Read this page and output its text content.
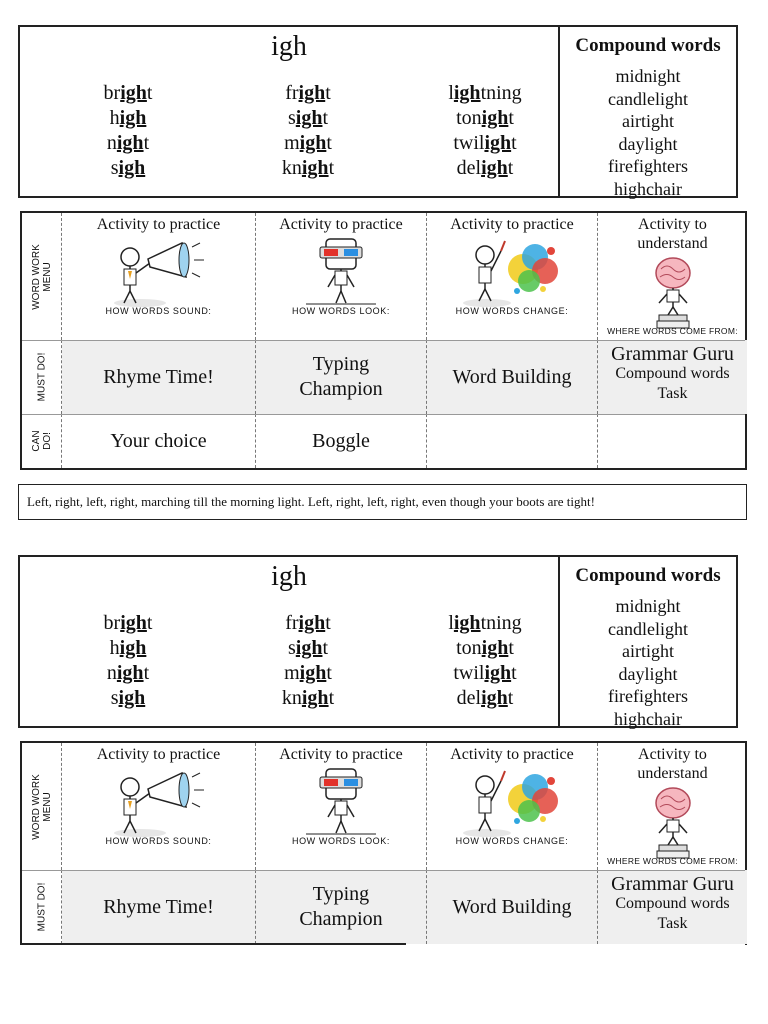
igh
bright
high
night
sigh
fright
sight
might
knight
lightning
tonight
twilight
delight
Compound words
midnight
candlelight
airtight
daylight
firefighters
highchair
WORD WORK
MENU
MUST DO!
CAN
DO!
Activity to practice
HOW WORDS SOUND:
Activity to practice
HOW WORDS LOOK:
Activity to practice
HOW WORDS CHANGE:
Activity to
understand
WHERE WORDS COME FROM:
Rhyme Time!
Typing
Champion
Word Building
Grammar Guru
Compound words
Task
Your choice	Boggle
Left, right, left, right, marching till the morning light. Left, right, left, right, even though your boots are tight!
igh
bright
high
night
sigh
fright
sight
might
knight
lightning
tonight
twilight
delight
Compound words
midnight
candlelight
airtight
daylight
firefighters
highchair
WORD WORK
MENU
MUST DO!
Activity to practice
HOW WORDS SOUND:
Activity to practice
HOW WORDS LOOK:
Activity to practice
HOW WORDS CHANGE:
Activity to
understand
WHERE WORDS COME FROM:
Rhyme Time!
Typing
Champion
Word Building
Grammar Guru
Compound words
Task
